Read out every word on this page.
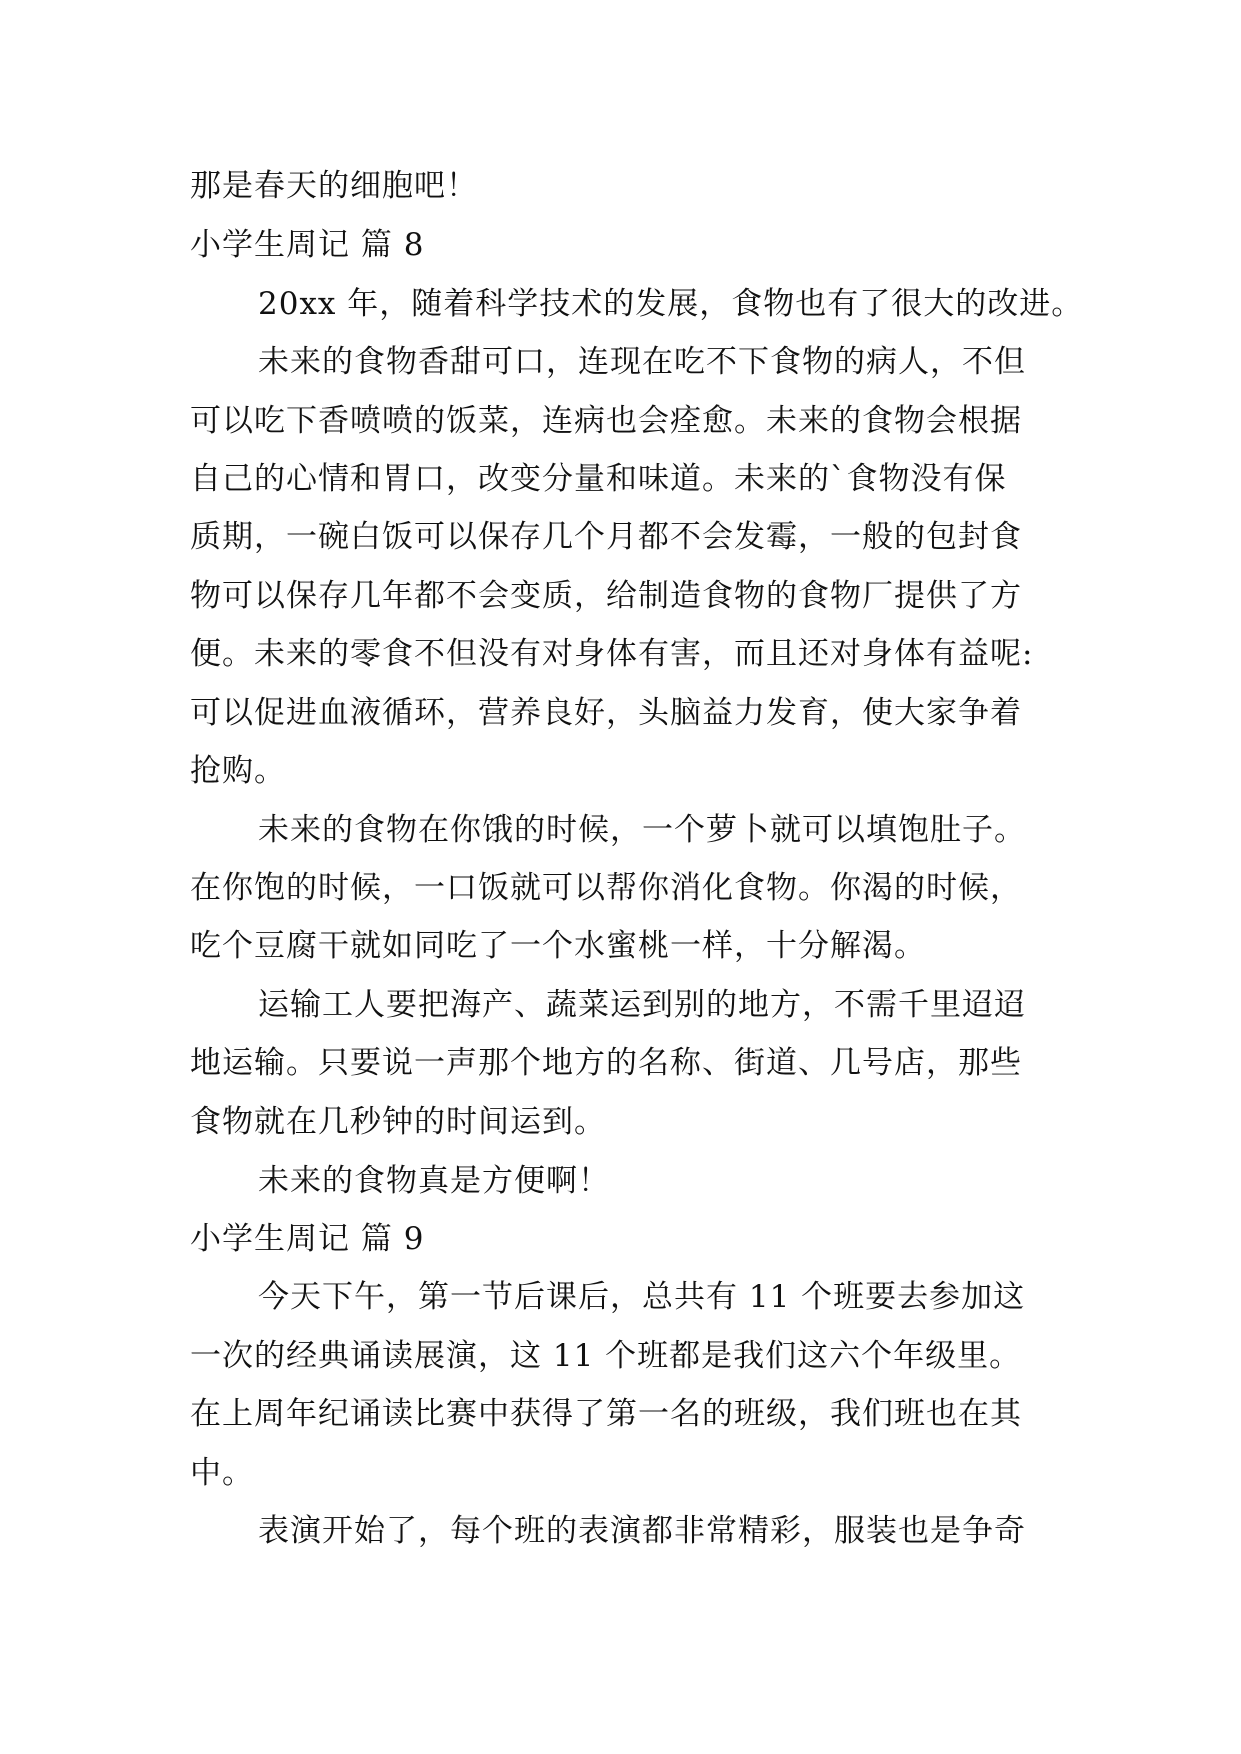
那是春天的细胞吧！
小学生周记 篇 8
20xx 年，随着科学技术的发展，食物也有了很大的改进。
未来的食物香甜可口，连现在吃不下食物的病人，不但
可以吃下香喷喷的饭菜，连病也会痊愈。未来的食物会根据
自己的心情和胃口，改变分量和味道。未来的`食物没有保
质期，一碗白饭可以保存几个月都不会发霉，一般的包封食
物可以保存几年都不会变质，给制造食物的食物厂提供了方
便。未来的零食不但没有对身体有害，而且还对身体有益呢:
可以促进血液循环，营养良好，头脑益力发育，使大家争着
抢购。
未来的食物在你饿的时候，一个萝卜就可以填饱肚子。
在你饱的时候，一口饭就可以帮你消化食物。你渴的时候，
吃个豆腐干就如同吃了一个水蜜桃一样，十分解渴。
运输工人要把海产、蔬菜运到别的地方，不需千里迢迢
地运输。只要说一声那个地方的名称、街道、几号店，那些
食物就在几秒钟的时间运到。
未来的食物真是方便啊！
小学生周记 篇 9
今天下午，第一节后课后，总共有 11 个班要去参加这
一次的经典诵读展演，这 11 个班都是我们这六个年级里。
在上周年纪诵读比赛中获得了第一名的班级，我们班也在其
中。
表演开始了，每个班的表演都非常精彩，服装也是争奇
